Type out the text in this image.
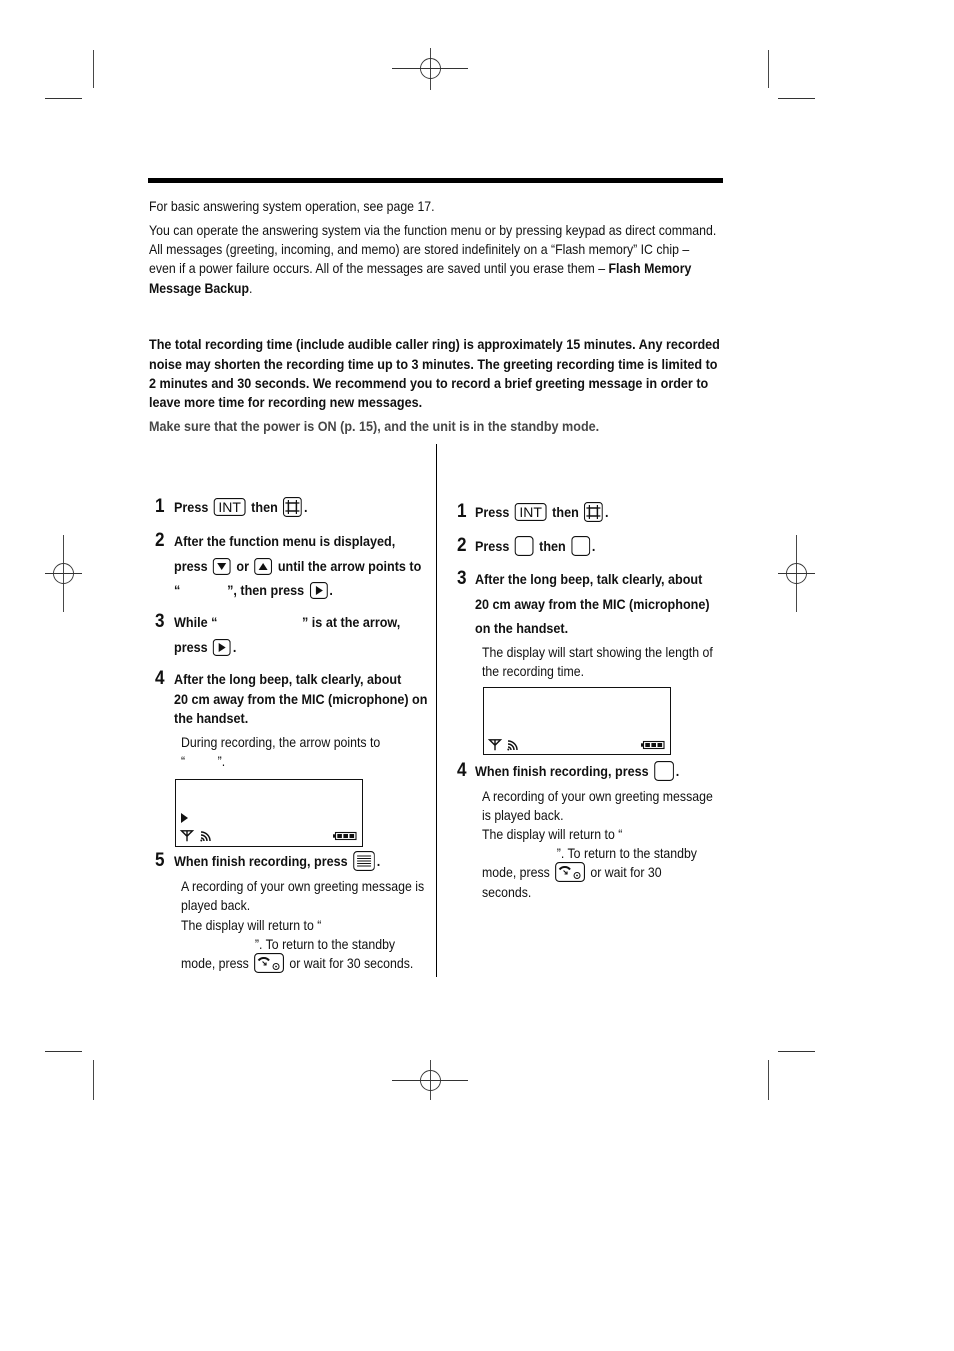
For basic answering system operation, see page 17.
You can operate the answering system via the function menu or by pressing keypad as direct command.
All messages (greeting, incoming, and memo) are stored indefinitely on a “Flash memory” IC chip –
even if a power failure occurs. All of the messages are saved until you erase them – Flash Memory
Message Backup.
The total recording time (include audible caller ring) is approximately 15 minutes. Any recorded
noise may shorten the recording time up to 3 minutes. The greeting recording time is limited to
2 minutes and 30 seconds. We recommend you to record a brief greeting message in order to
leave more time for recording new messages.
Make sure that the power is ON (p. 15), and the unit is in the standby mode.
1 Press INT then .
2 After the function menu is displayed,
press or until the arrow points to
“	”, then press .
3 While “	” is at the arrow,
press .
4 After the long beep, talk clearly, about
20 cm away from the MIC (microphone) on
the handset.
During recording, the arrow points to
“ ”.
5 When finish recording, press .
A recording of your own greeting message is
played back.
The display will return to “
”. To return to the standby
mode, press	or wait for 30 seconds.
1 Press INT then .
2 Press then .
3 After the long beep, talk clearly, about
20 cm away from the MIC (microphone)
on the handset.
The display will start showing the length of
the recording time.
4 When finish recording, press .
A recording of your own greeting message
is played back.
The display will return to “
”. To return to the standby
mode, press	or wait for 30
seconds.
